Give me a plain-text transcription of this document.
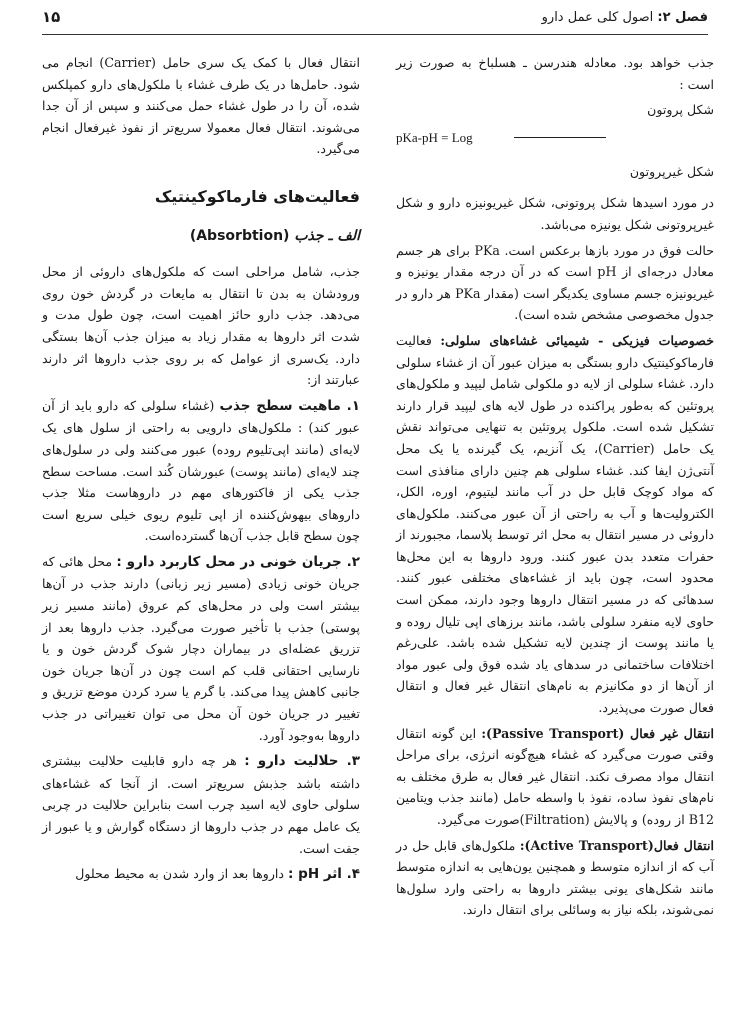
فصل ۲: اصول کلی عمل دارو
۱۵

جذب خواهد بود. معادله هندرسن ـ هسلباخ به صورت زیر است :

شکل پروتون
pKa-pH = Log
شکل غیرپروتون

در مورد اسیدها شکل پروتونی، شکل غیریونیزه دارو و شکل غیرپروتونی شکل یونیزه می‌باشد.

حالت فوق در مورد بازها برعکس است. PKa برای هر جسم معادل درجه‌ای از pH است که در آن درجه مقدار یونیزه و غیریونیزه جسم مساوی یکدیگر است (مقدار PKa هر دارو در جدول مخصوصی مشخص شده است).

خصوصیات فیزیکی - شیمیائی غشاءهای سلولی: فعالیت فارماکوکینتیک دارو بستگی به میزان عبور آن از غشاء سلولی دارد. غشاء سلولی از لایه دو ملکولی شامل لیپید و ملکول‌های پروتئین که به‌طور پراکنده در طول لایه های لیپید قرار دارند تشکیل شده است. ملکول پروتئین به تنهایی می‌تواند نقش یک حامل (Carrier)، یک آنزیم، یک گیرنده یا یک محل آنتی‌ژن ایفا کند. غشاء سلولی هم چنین دارای منافذی است که مواد کوچک قابل حل در آب مانند لیتیوم، اوره، الکل، الکترولیت‌ها و آب به راحتی از آن عبور می‌کنند. ملکول‌های داروئی در مسیر انتقال به محل اثر توسط پلاسما، مجبورند از حفرات متعدد بدن عبور کنند. ورود داروها به این محل‌ها محدود است، چون باید از غشاءهای مختلفی عبور کنند. سدهائی که در مسیر انتقال داروها وجود دارند، ممکن است حاوی لایه منفرد سلولی باشد، مانند برزهای اپی تلیال روده و یا مانند پوست از چندین لایه تشکیل شده باشد. علی‌رغم اختلافات ساختمانی در سدهای یاد شده فوق ولی عبور مواد از آن‌ها از دو مکانیزم به نام‌های انتقال غیر فعال و انتقال فعال صورت می‌پذیرد.

انتقال غیر فعال (Passive Transport): این گونه انتقال وقتی صورت می‌گیرد که غشاء هیچ‌گونه انرژی، برای مراحل انتقال مواد مصرف نکند. انتقال غیر فعال به طرق مختلف به نام‌های نفوذ ساده، نفوذ با واسطه حامل (مانند جذب ویتامین B12 از روده) و پالایش (Filtration)صورت می‌گیرد.

انتقال فعال(Active Transport): ملکول‌های قابل حل در آب که از اندازه متوسط و همچنین یون‌هایی به اندازه متوسط مانند شکل‌های یونی بیشتر داروها به راحتی وارد سلول‌ها نمی‌شوند، بلکه نیاز به وسائلی برای انتقال دارند.

انتقال فعال با کمک یک سری حامل (Carrier) انجام می شود. حامل‌ها در یک طرف غشاء با ملکول‌های دارو کمپلکس شده، آن را در طول غشاء حمل می‌کنند و سپس از آن جدا می‌شوند. انتقال فعال معمولا سریع‌تر از نفوذ غیرفعال انجام می‌گیرد.

فعالیت‌های فارماکوکینتیک
الف ـ جذب (Absorbtion)

جذب، شامل مراحلی است که ملکول‌های داروئی از محل ورودشان به بدن تا انتقال به مایعات در گردش خون روی می‌دهد. جذب دارو حائز اهمیت است، چون طول مدت و شدت اثر داروها به مقدار زیاد به میزان جذب آن‌ها بستگی دارد. یک‌سری از عوامل که بر روی جذب داروها اثر دارند عبارتند از:

۱. ماهیت سطح جذب (غشاء سلولی که دارو باید از آن عبور کند) : ملکول‌های دارویی به راحتی از سلول های یک لایه‌ای (مانند اپی‌تلیوم روده) عبور می‌کنند ولی در سلول‌های چند لایه‌ای (مانند پوست) عبورشان کُند است. مساحت سطح جذب یکی از فاکتورهای مهم در داروهاست مثلا جذب داروهای بیهوش‌کننده از اپی تلیوم ریوی خیلی سریع است چون سطح قابل جذب آن‌ها گسترده‌است.

۲. جریان خونی در محل کاربرد دارو : محل هائی که جریان خونی زیادی (مسیر زیر زبانی) دارند جذب در آن‌ها بیشتر است ولی در محل‌های کم عروق (مانند مسیر زیر پوستی) جذب با تأخیر صورت می‌گیرد. جذب داروها بعد از تزریق عضله‌ای در بیماران دچار شوک گردش خون و یا نارسایی احتقانی قلب کم است چون در آن‌ها جریان خون جانبی کاهش پیدا می‌کند. با گرم یا سرد کردن موضع تزریق و تغییر در جریان خون آن محل می توان تغییراتی در جذب داروها به‌وجود آورد.

۳. حلالیت دارو : هر چه دارو قابلیت حلالیت بیشتری داشته باشد جذبش سریع‌تر است. از آنجا که غشاءهای سلولی حاوی لایه اسید چرب است بنابراین حلالیت در چربی یک عامل مهم در جذب داروها از دستگاه گوارش و یا عبور از جفت است.

۴. اثر pH : داروها بعد از وارد شدن به محیط محلول
